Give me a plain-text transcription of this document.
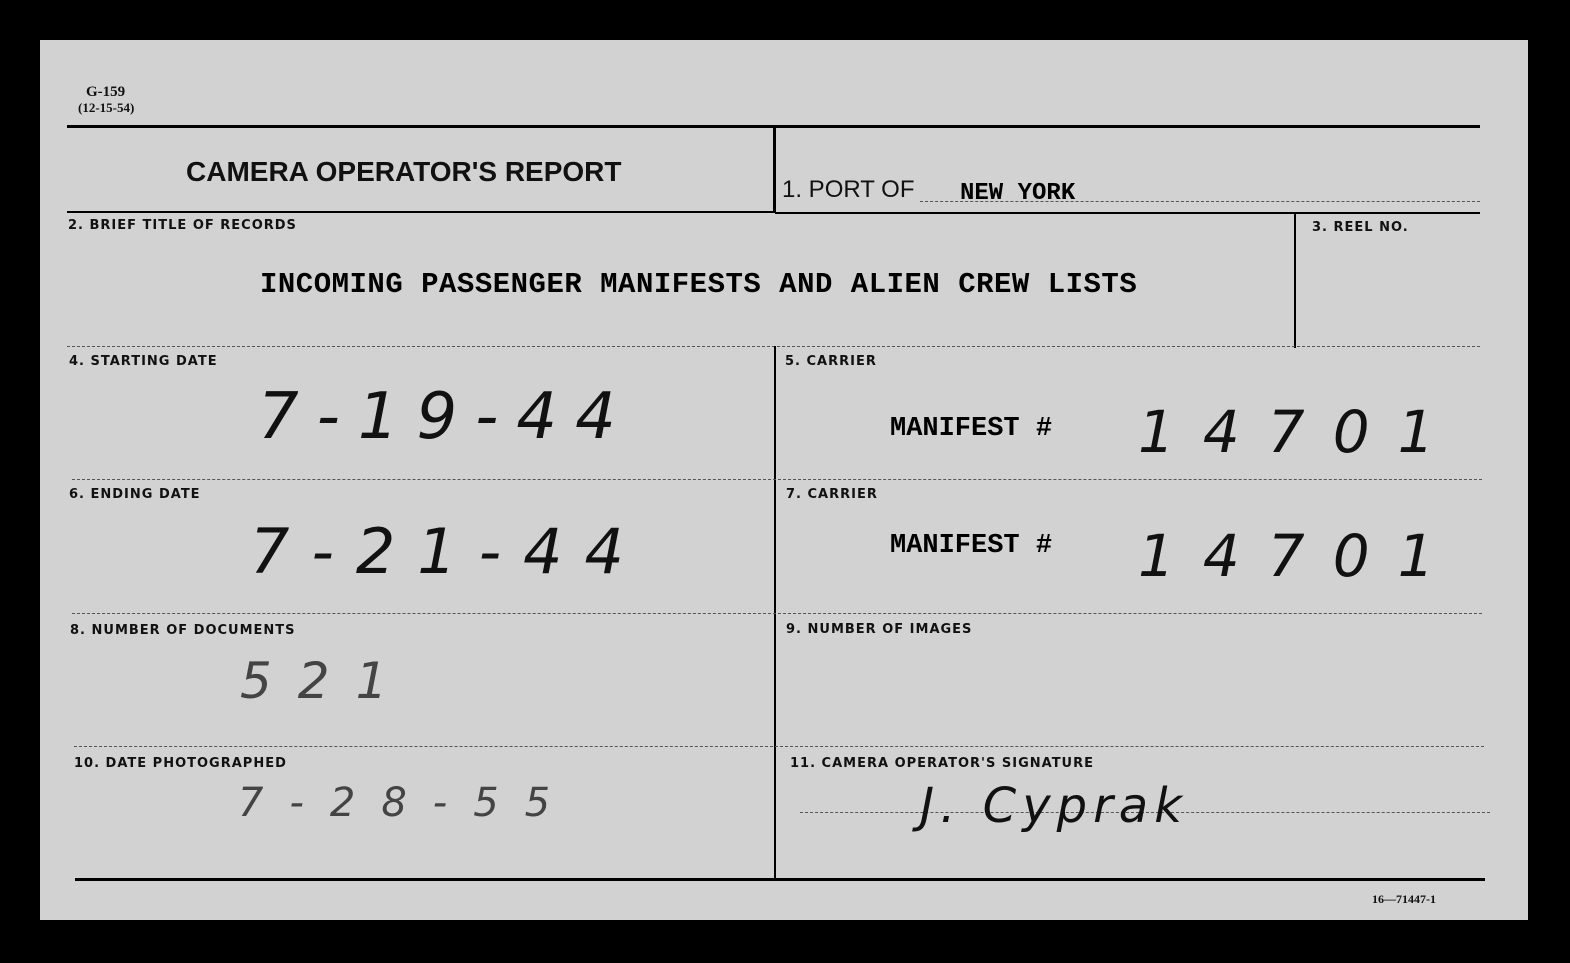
G-159
(12-15-54)
CAMERA OPERATOR'S REPORT
1. PORT OF NEW YORK
2. BRIEF TITLE OF RECORDS
INCOMING PASSENGER MANIFESTS AND ALIEN CREW LISTS
3. REEL NO.
4. STARTING DATE
7-19-44
5. CARRIER
MANIFEST # 14701
6. ENDING DATE
7-21-44
7. CARRIER
MANIFEST # 14701
8. NUMBER OF DOCUMENTS
521
9. NUMBER OF IMAGES
10. DATE PHOTOGRAPHED
7-28-55
11. CAMERA OPERATOR'S SIGNATURE
J. Cyprak
16—71447-1
